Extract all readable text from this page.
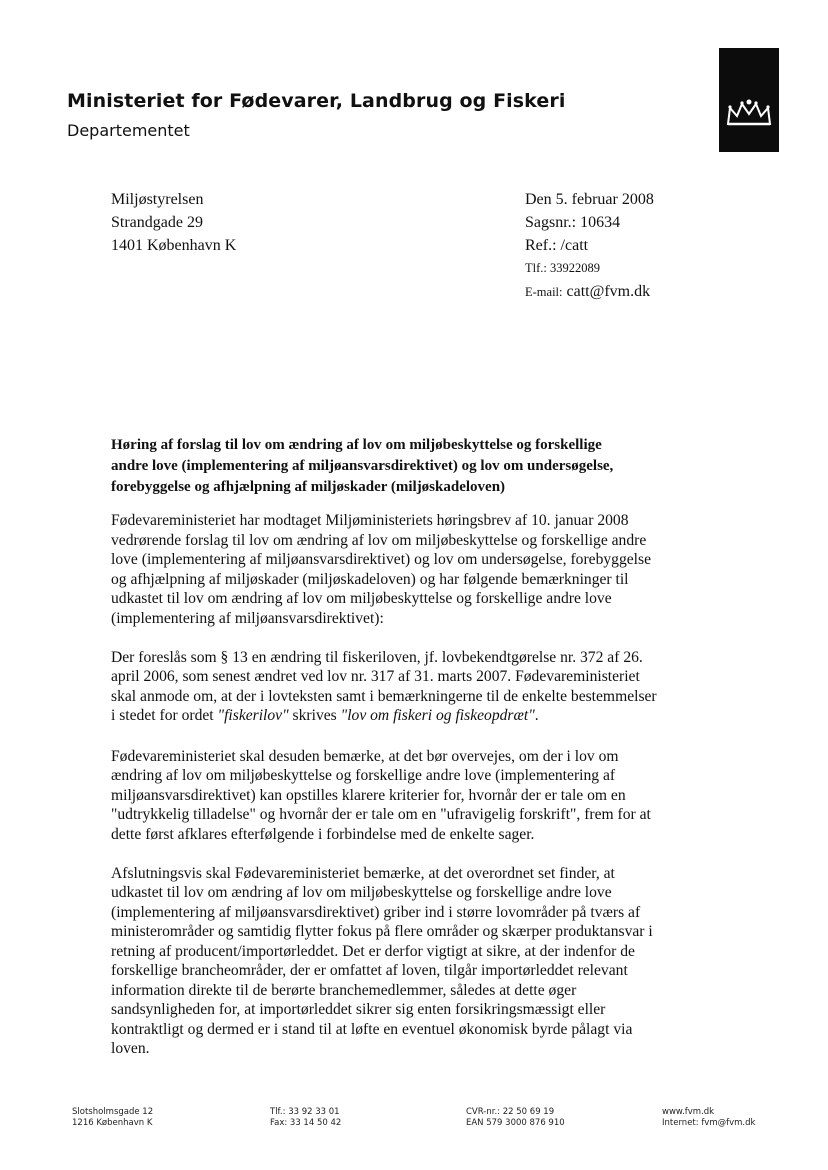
Ministeriet for Fødevarer, Landbrug og Fiskeri
Departementet
Miljøstyrelsen
Strandgade 29
1401 København K
Den 5. februar 2008
Sagsnr.: 10634
Ref.: /catt
Tlf.: 33922089
E-mail: catt@fvm.dk
Høring af forslag til lov om ændring af lov om miljøbeskyttelse og forskellige
andre love (implementering af miljøansvarsdirektivet) og lov om undersøgelse,
forebyggelse og afhjælpning af miljøskader (miljøskadeloven)
Fødevareministeriet har modtaget Miljøministeriets høringsbrev af 10. januar 2008
vedrørende forslag til lov om ændring af lov om miljøbeskyttelse og forskellige andre
love (implementering af miljøansvarsdirektivet) og lov om undersøgelse, forebyggelse
og afhjælpning af miljøskader (miljøskadeloven) og har følgende bemærkninger til
udkastet til lov om ændring af lov om miljøbeskyttelse og forskellige andre love
(implementering af miljøansvarsdirektivet):
Der foreslås som § 13 en ændring til fiskeriloven, jf. lovbekendtgørelse nr. 372 af 26.
april 2006, som senest ændret ved lov nr. 317 af 31. marts 2007. Fødevareministeriet
skal anmode om, at der i lovteksten samt i bemærkningerne til de enkelte bestemmelser
i stedet for ordet "fiskerilov" skrives "lov om fiskeri og fiskeopdræt".
Fødevareministeriet skal desuden bemærke, at det bør overvejes, om der i lov om
ændring af lov om miljøbeskyttelse og forskellige andre love (implementering af
miljøansvarsdirektivet) kan opstilles klarere kriterier for, hvornår der er tale om en
"udtrykkelig tilladelse" og hvornår der er tale om en "ufravigelig forskrift", frem for at
dette først afklares efterfølgende i forbindelse med de enkelte sager.
Afslutningsvis skal Fødevareministeriet bemærke, at det overordnet set finder, at
udkastet til lov om ændring af lov om miljøbeskyttelse og forskellige andre love
(implementering af miljøansvarsdirektivet) griber ind i større lovområder på tværs af
ministerområder og samtidig flytter fokus på flere områder og skærper produktansvar i
retning af producent/importørleddet. Det er derfor vigtigt at sikre, at der indenfor de
forskellige brancheområder, der er omfattet af loven, tilgår importørleddet relevant
information direkte til de berørte branchemedlemmer, således at dette øger
sandsynligheden for, at importørleddet sikrer sig enten forsikringsmæssigt eller
kontraktligt og dermed er i stand til at løfte en eventuel økonomisk byrde pålagt via
loven.
Slotsholmsgade 12
1216 København K
Tlf.: 33 92 33 01
Fax: 33 14 50 42
CVR-nr.: 22 50 69 19
EAN 579 3000 876 910
www.fvm.dk
Internet: fvm@fvm.dk
